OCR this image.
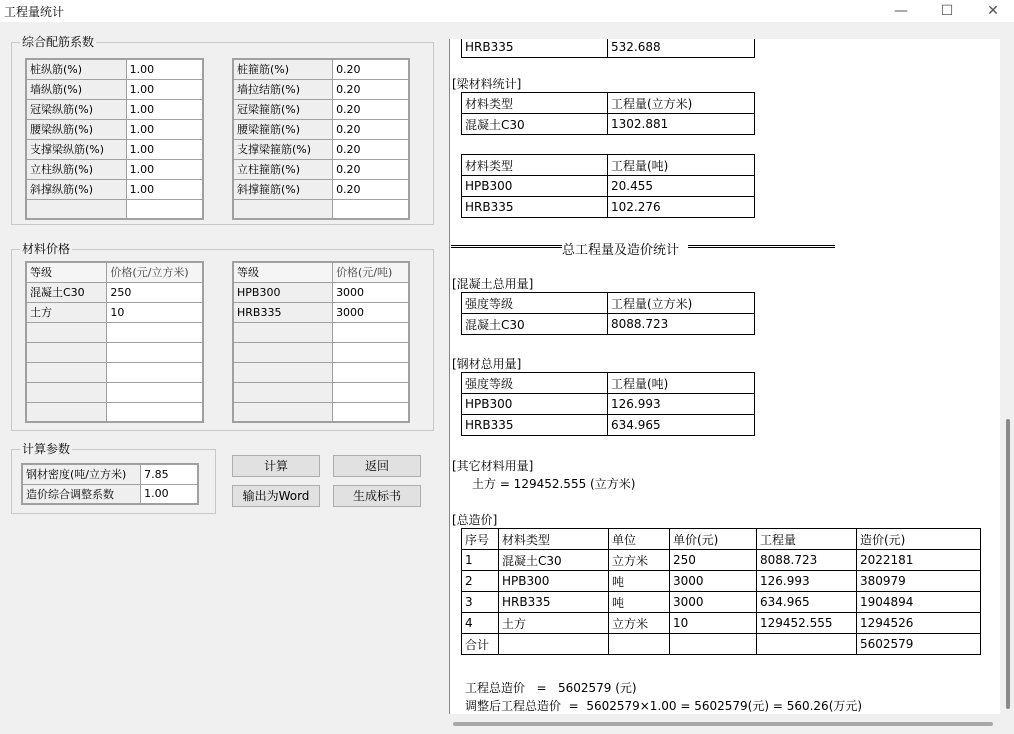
工程量统计	—	☐	✕
综合配筋系数
桩纵筋(%)	1.00
墙纵筋(%)	1.00
冠梁纵筋(%)	1.00
腰梁纵筋(%)	1.00
支撑梁纵筋(%)	1.00
立柱纵筋(%)	1.00
斜撑纵筋(%)	1.00

桩箍筋(%)	0.20
墙拉结筋(%)	0.20
冠梁箍筋(%)	0.20
腰梁箍筋(%)	0.20
支撑梁箍筋(%)	0.20
立柱箍筋(%)	0.20
斜撑箍筋(%)	0.20

材料价格
等级	价格(元/立方米)
混凝土C30	250
土方	10

等级	价格(元/吨)
HPB300	3000
HRB335	3000

计算参数
钢材密度(吨/立方米)	7.85
造价综合调整系数	1.00
计算	返回
输出为Word	生成标书
HRB335	532.688
[梁材料统计]
材料类型	工程量(立方米)
混凝土C30	1302.881
材料类型	工程量(吨)
HPB300	20.455
HRB335	102.276
总工程量及造价统计
[混凝土总用量]
强度等级	工程量(立方米)
混凝土C30	8088.723
[钢材总用量]
强度等级	工程量(吨)
HPB300	126.993
HRB335	634.965
[其它材料用量]
土方 = 129452.555 (立方米)
[总造价]
序号	材料类型	单位	单价(元)	工程量	造价(元)
1	混凝土C30	立方米	250	8088.723	2022181
2	HPB300	吨	3000	126.993	380979
3	HRB335	吨	3000	634.965	1904894
4	土方	立方米	10	129452.555	1294526
合计					5602579
工程总造价   =   5602579 (元)
调整后工程总造价  =  5602579×1.00 = 5602579(元) = 560.26(万元)
